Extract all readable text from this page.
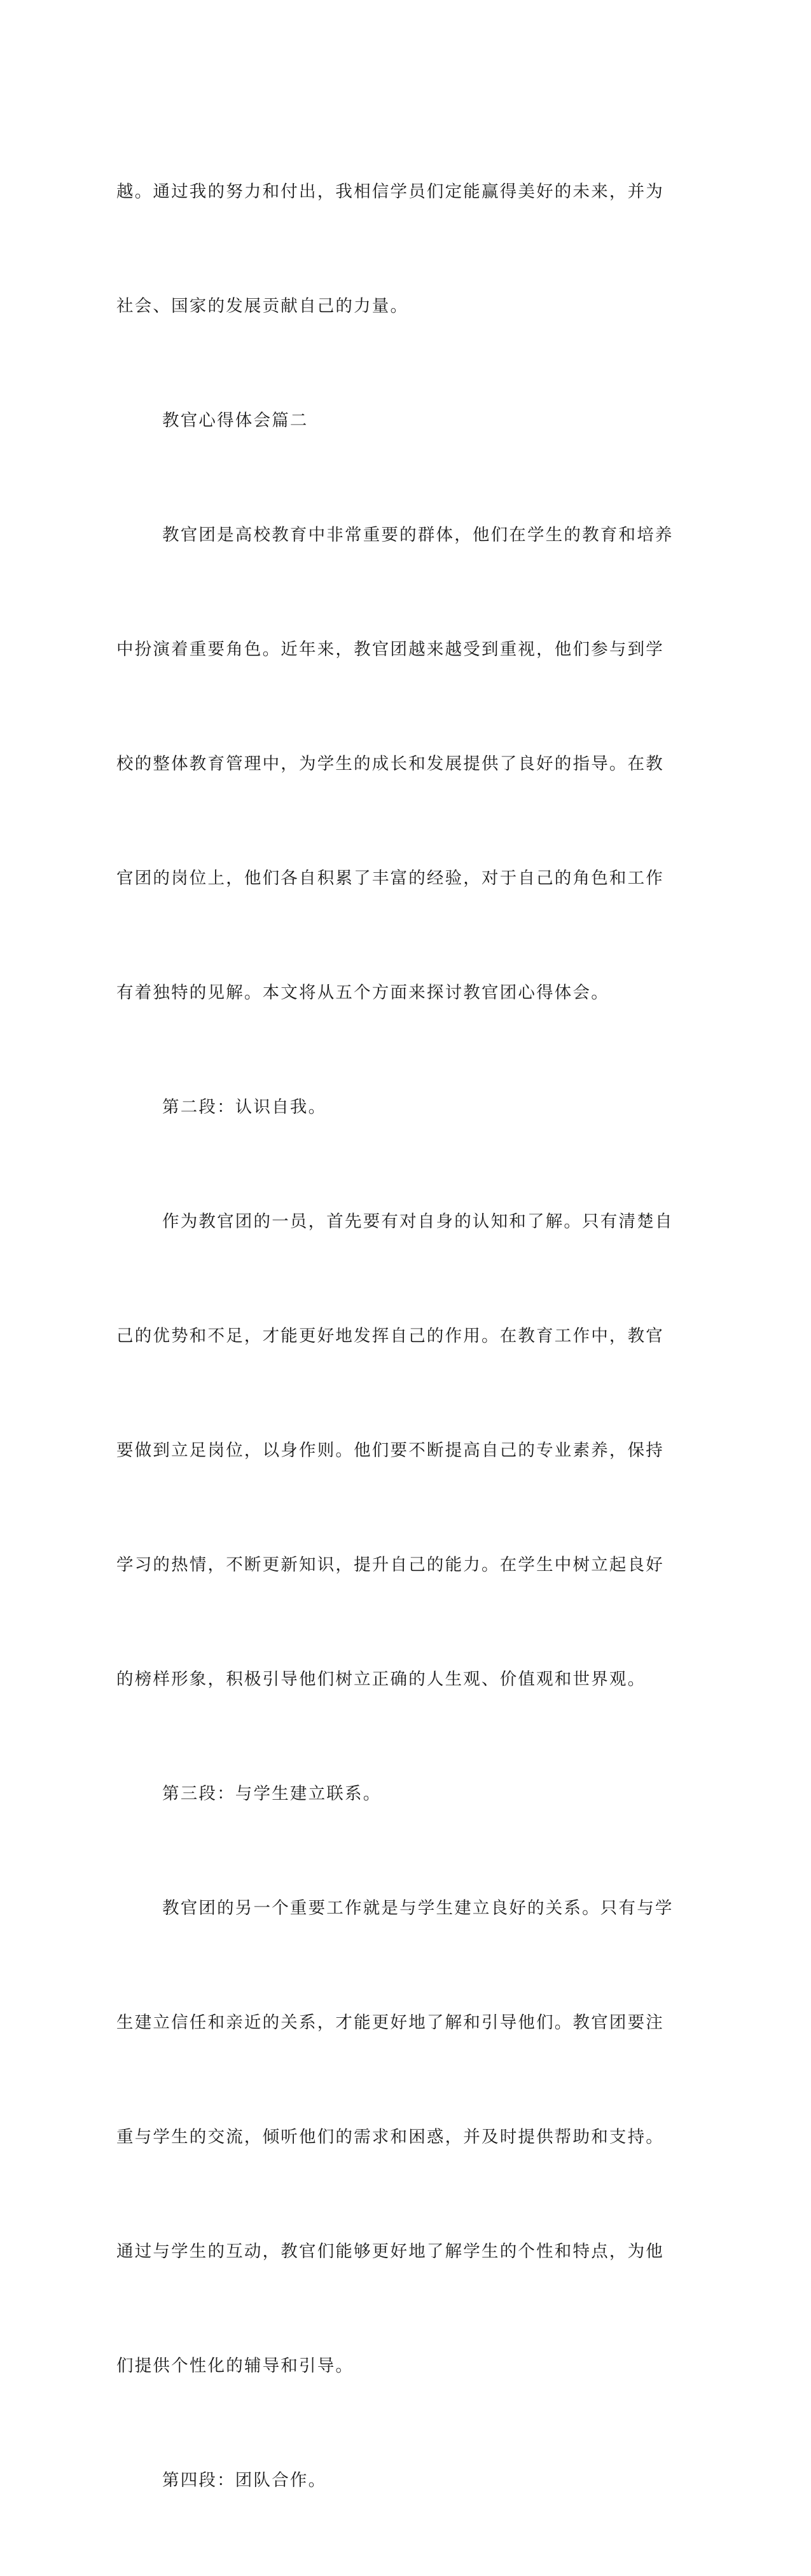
越。通过我的努力和付出，我相信学员们定能赢得美好的未来，并为

社会、国家的发展贡献自己的力量。

教官心得体会篇二

教官团是高校教育中非常重要的群体，他们在学生的教育和培养

中扮演着重要角色。近年来，教官团越来越受到重视，他们参与到学

校的整体教育管理中，为学生的成长和发展提供了良好的指导。在教

官团的岗位上，他们各自积累了丰富的经验，对于自己的角色和工作

有着独特的见解。本文将从五个方面来探讨教官团心得体会。

第二段：认识自我。

作为教官团的一员，首先要有对自身的认知和了解。只有清楚自

己的优势和不足，才能更好地发挥自己的作用。在教育工作中，教官

要做到立足岗位，以身作则。他们要不断提高自己的专业素养，保持

学习的热情，不断更新知识，提升自己的能力。在学生中树立起良好

的榜样形象，积极引导他们树立正确的人生观、价值观和世界观。

第三段：与学生建立联系。

教官团的另一个重要工作就是与学生建立良好的关系。只有与学

生建立信任和亲近的关系，才能更好地了解和引导他们。教官团要注

重与学生的交流，倾听他们的需求和困惑，并及时提供帮助和支持。

通过与学生的互动，教官们能够更好地了解学生的个性和特点，为他

们提供个性化的辅导和引导。

第四段：团队合作。
